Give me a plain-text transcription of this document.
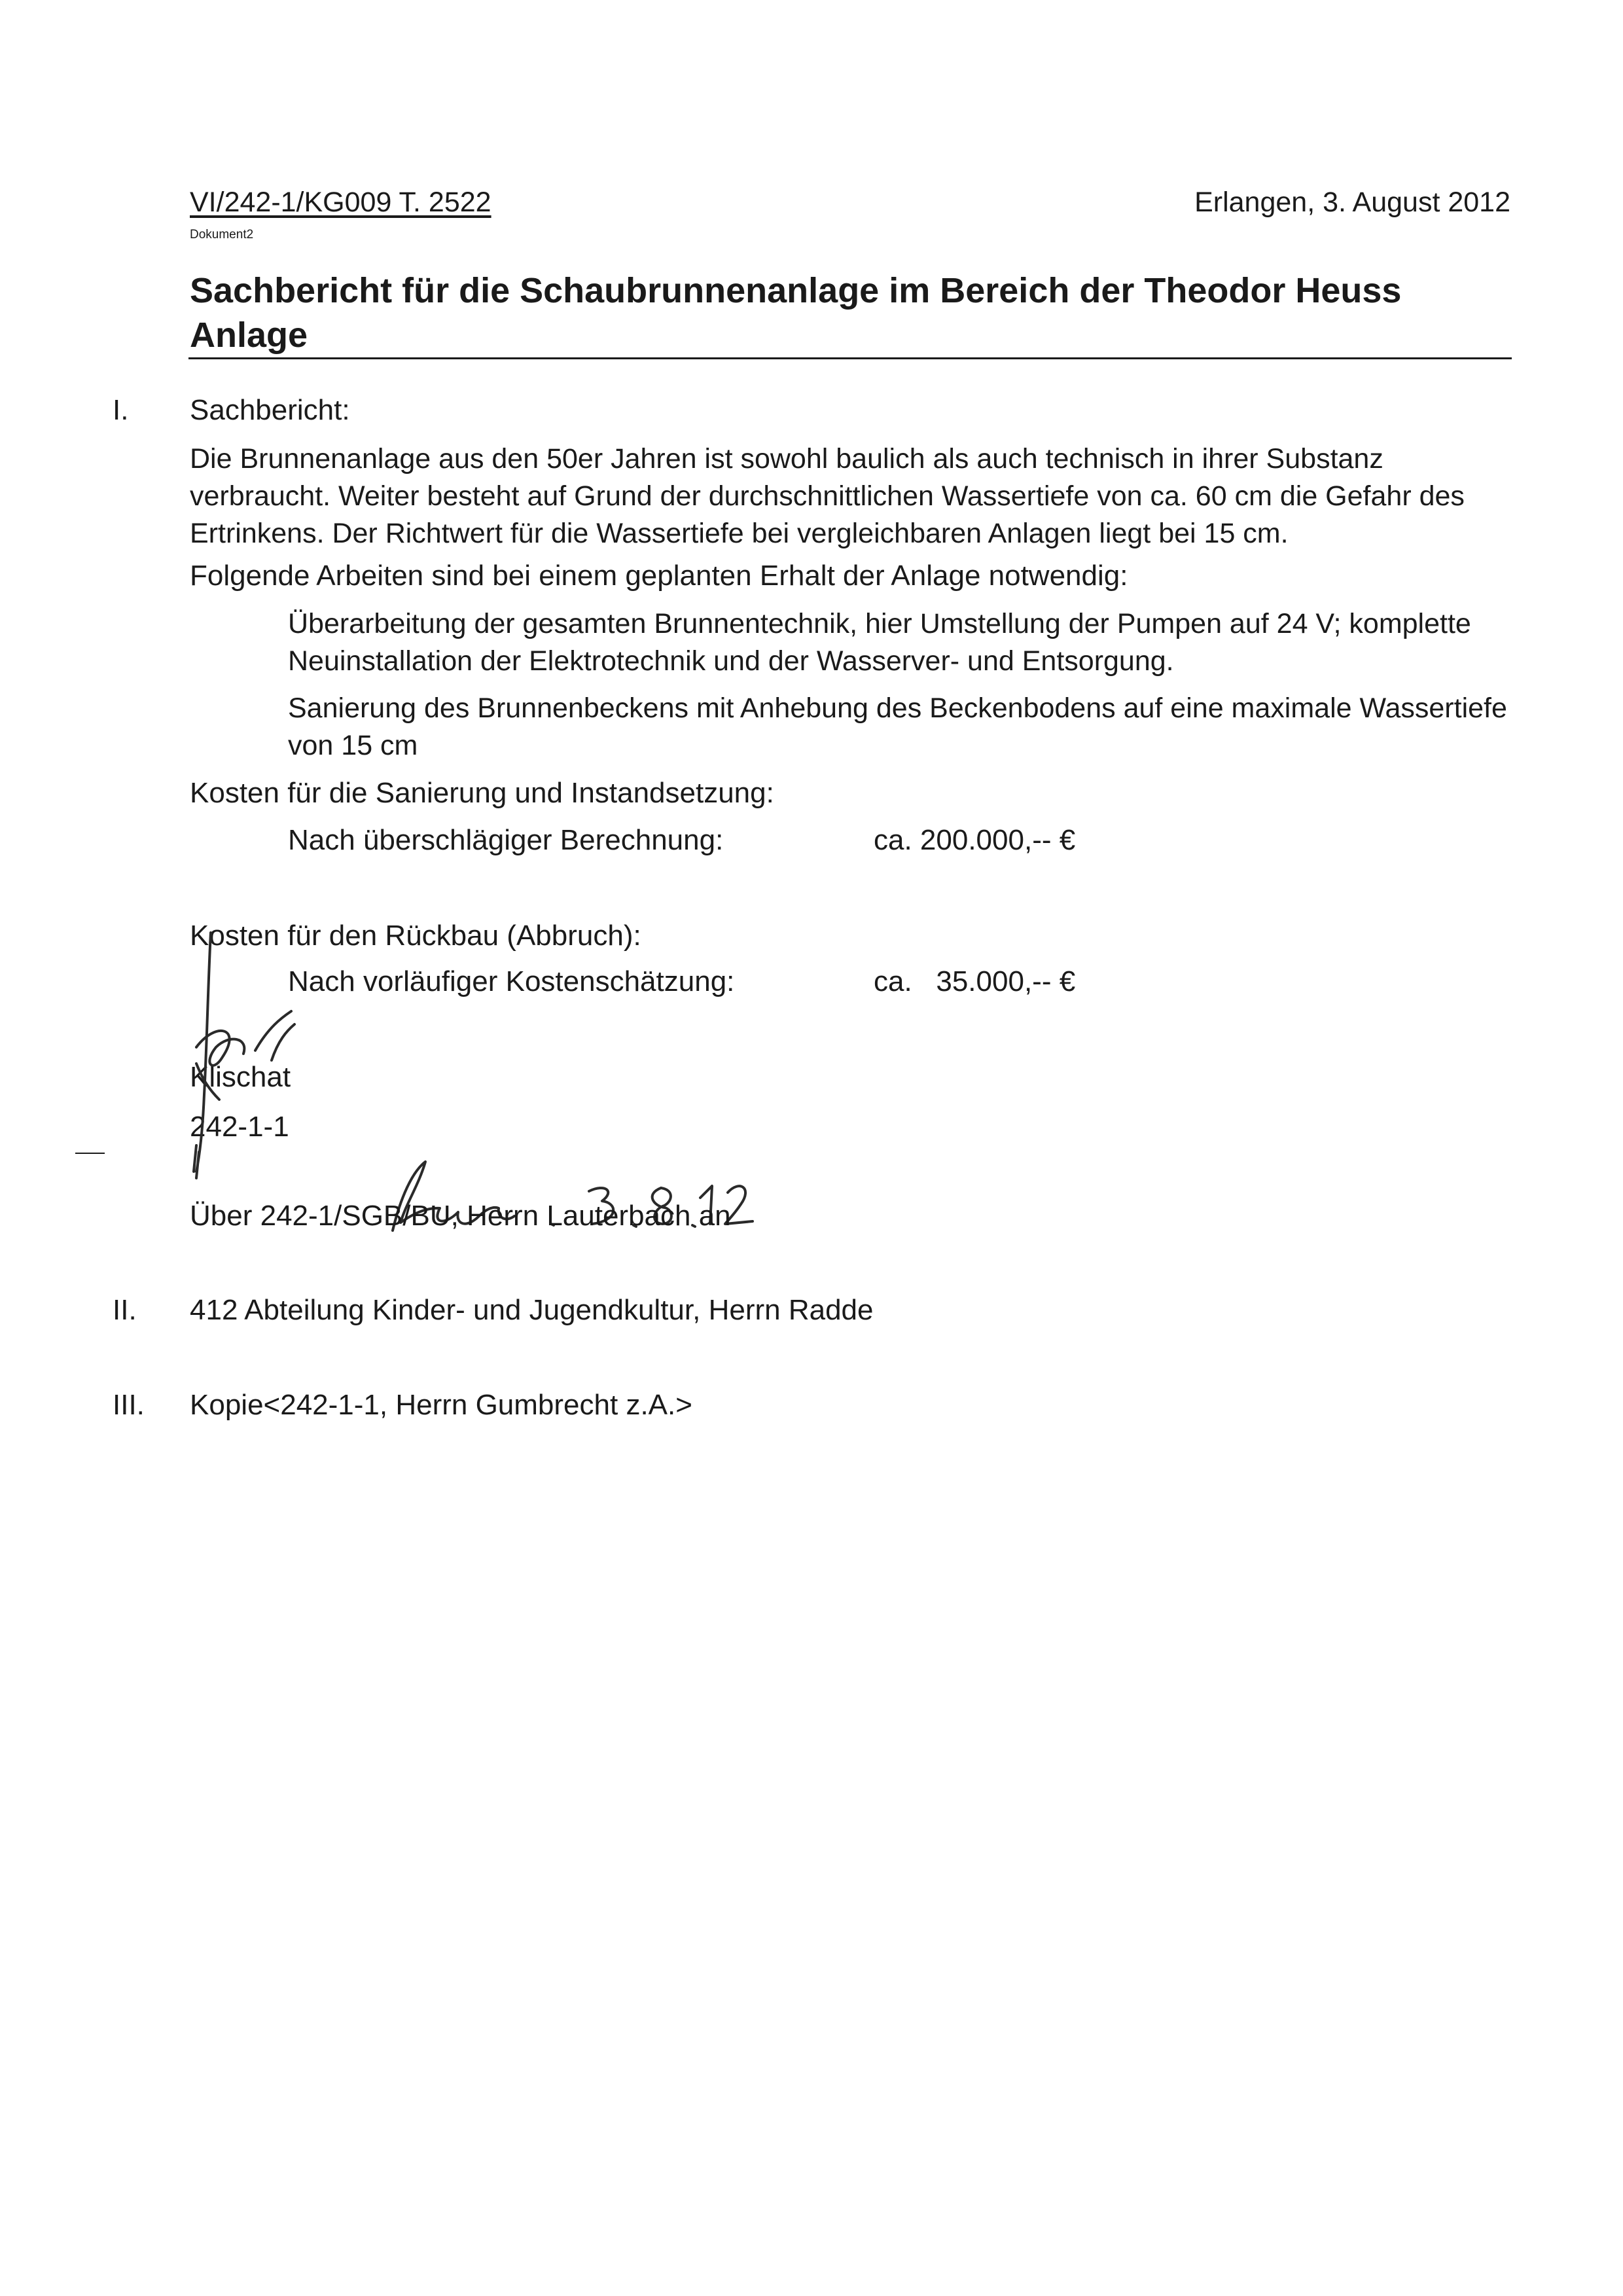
VI/242-1/KG009 T. 2522	Erlangen, 3. August 2012
Dokument2
Sachbericht für die Schaubrunnenanlage im Bereich der Theodor Heuss Anlage
I. Sachbericht:
Die Brunnenanlage aus den 50er Jahren ist sowohl baulich als auch technisch in ihrer Substanz verbraucht. Weiter besteht auf Grund der durchschnittlichen Wassertiefe von ca. 60 cm die Gefahr des Ertrinkens. Der Richtwert für die Wassertiefe bei vergleichbaren Anlagen liegt bei 15 cm.
Folgende Arbeiten sind bei einem geplanten Erhalt der Anlage notwendig:
Überarbeitung der gesamten Brunnentechnik, hier Umstellung der Pumpen auf 24 V; komplette Neuinstallation der Elektrotechnik und der Wasserver- und Entsorgung.
Sanierung des Brunnenbeckens mit Anhebung des Beckenbodens auf eine maximale Wassertiefe von 15 cm
Kosten für die Sanierung und Instandsetzung:
Nach überschlägiger Berechnung:	ca. 200.000,-- €
Kosten für den Rückbau (Abbruch):
Nach vorläufiger Kostenschätzung:	ca.   35.000,-- €
Klischat
242-1-1
Lem. 3.8.12
Über 242-1/SGB/BU, Herrn Lauterbach an
II. 412 Abteilung Kinder- und Jugendkultur, Herrn Radde
III. Kopie<242-1-1, Herrn Gumbrecht z.A.>
